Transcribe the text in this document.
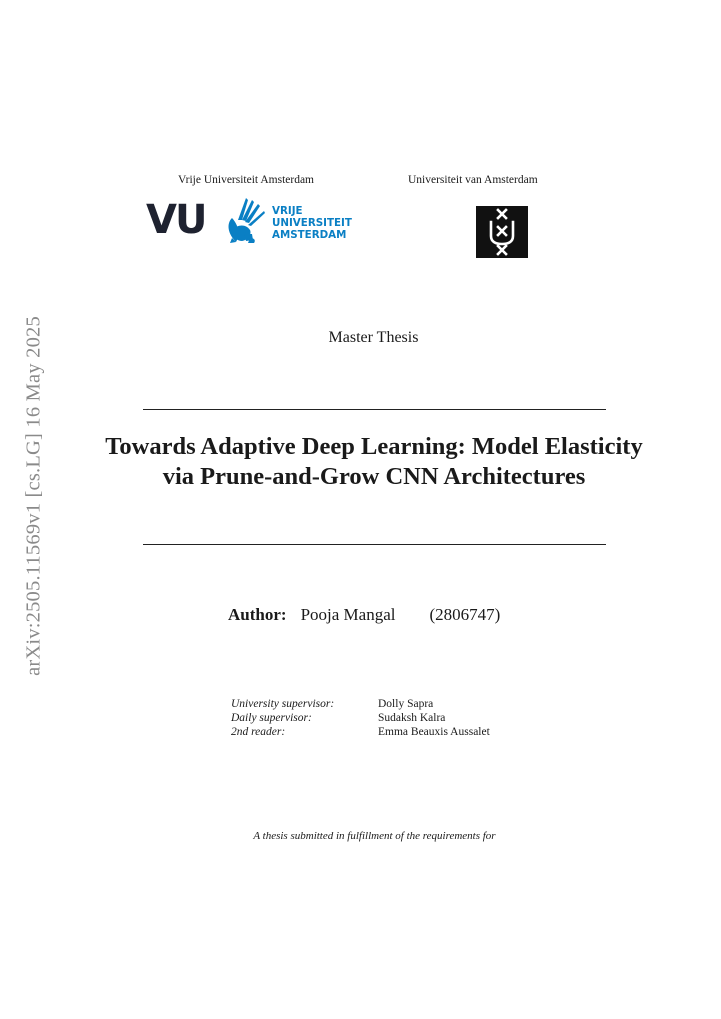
arXiv:2505.11569v1 [cs.LG] 16 May 2025
Vrije Universiteit Amsterdam	Universiteit van Amsterdam
VU	VRIJE
UNIVERSITEIT
AMSTERDAM
Master Thesis
Towards Adaptive Deep Learning: Model Elasticity via Prune-and-Grow CNN Architectures
Author: Pooja Mangal (2806747)
University supervisor:	Dolly Sapra
Daily supervisor:	Sudaksh Kalra
2nd reader:	Emma Beauxis Aussalet
A thesis submitted in fulfillment of the requirements for
